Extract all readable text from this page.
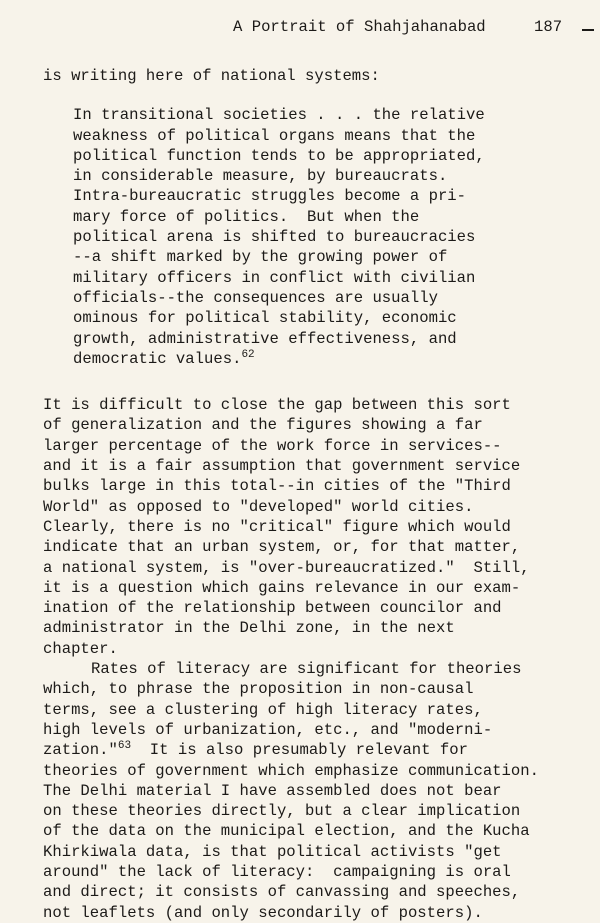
A Portrait of Shahjahanabad	187
is writing here of national systems:
In transitional societies . . . the relative
weakness of political organs means that the
political function tends to be appropriated,
in considerable measure, by bureaucrats.
Intra-bureaucratic struggles become a pri-
mary force of politics.  But when the
political arena is shifted to bureaucracies
--a shift marked by the growing power of
military officers in conflict with civilian
officials--the consequences are usually
ominous for political stability, economic
growth, administrative effectiveness, and
democratic values.$^{62}$
It is difficult to close the gap between this sort
of generalization and the figures showing a far
larger percentage of the work force in services--
and it is a fair assumption that government service
bulks large in this total--in cities of the "Third
World" as opposed to "developed" world cities.
Clearly, there is no "critical" figure which would
indicate that an urban system, or, for that matter,
a national system, is "over-bureaucratized."  Still,
it is a question which gains relevance in our exam-
ination of the relationship between councilor and
administrator in the Delhi zone, in the next
chapter.
Rates of literacy are significant for theories
which, to phrase the proposition in non-causal
terms, see a clustering of high literacy rates,
high levels of urbanization, etc., and "moderni-
zation."$^{63}$  It is also presumably relevant for
theories of government which emphasize communication.
The Delhi material I have assembled does not bear
on these theories directly, but a clear implication
of the data on the municipal election, and the Kucha
Khirkiwala data, is that political activists "get
around" the lack of literacy:  campaigning is oral
and direct; it consists of canvassing and speeches,
not leaflets (and only secondarily of posters).
